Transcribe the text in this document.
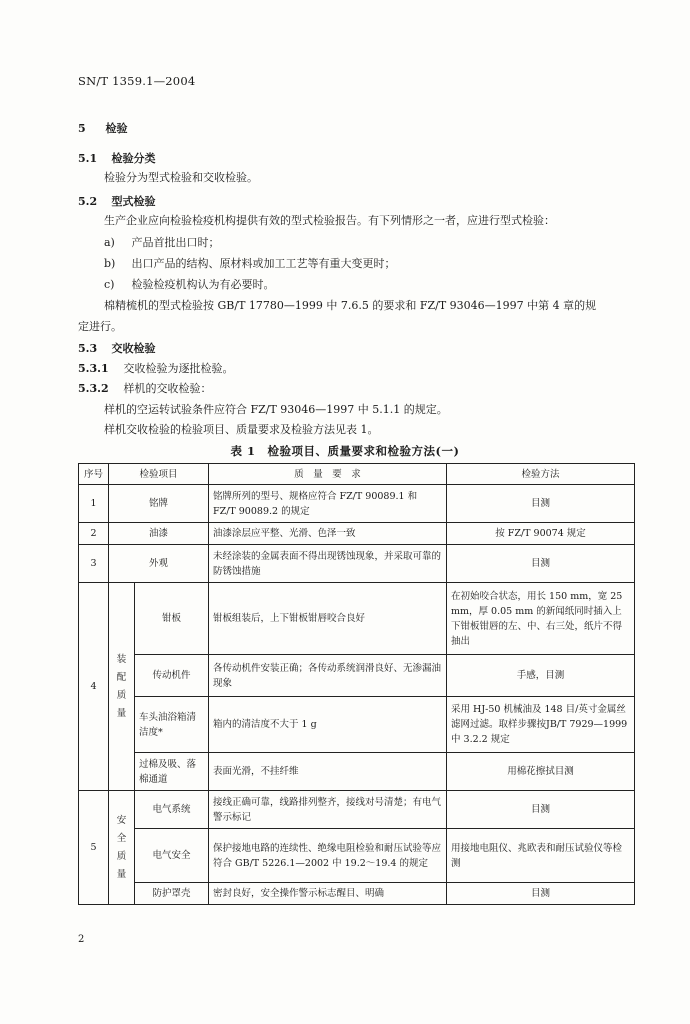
SN/T 1359.1—2004
5 检验
5.1 检验分类
检验分为型式检验和交收检验。
5.2 型式检验
生产企业应向检验检疫机构提供有效的型式检验报告。有下列情形之一者，应进行型式检验：
a) 产品首批出口时；
b) 出口产品的结构、原材料或加工工艺等有重大变更时；
c) 检验检疫机构认为有必要时。
棉精梳机的型式检验按 GB/T 17780—1999 中 7.6.5 的要求和 FZ/T 93046—1997 中第 4 章的规
定进行。
5.3 交收检验
5.3.1 交收检验为逐批检验。
5.3.2 样机的交收检验：
样机的空运转试验条件应符合 FZ/T 93046—1997 中 5.1.1 的规定。
样机交收检验的检验项目、质量要求及检验方法见表 1。
表 1　检验项目、质量要求和检验方法(一)
序号	检验项目		质　量　要　求	检验方法
1	铭牌		铭牌所列的型号、规格应符合 FZ/T 90089.1 和 FZ/T 90089.2 的规定	目测
2	油漆		油漆涂层应平整、光滑、色泽一致	按 FZ/T 90074 规定
3	外观		未经涂装的金属表面不得出现锈蚀现象，并采取可靠的防锈蚀措施	目测
4	装配质量	钳板	钳板组装后，上下钳板钳唇咬合良好	在初始咬合状态，用长 150 mm，宽 25 mm，厚 0.05 mm 的新闻纸同时插入上下钳板钳唇的左、中、右三处，纸片不得抽出
		传动机件	各传动机件安装正确；各传动系统润滑良好、无渗漏油现象	手感，目测
		车头油浴箱清洁度*	箱内的清洁度不大于 1 g	采用 HJ-50 机械油及 148 目/英寸金属丝滤网过滤。取样步骤按JB/T 7929—1999 中 3.2.2 规定
		过棉及吸、落棉通道	表面光滑，不挂纤维	用棉花擦拭目测
5	安全质量	电气系统	接线正确可靠，线路排列整齐，接线对号清楚；有电气警示标记	目测
		电气安全	保护接地电路的连续性、绝缘电阻检验和耐压试验等应符合 GB/T 5226.1—2002 中 19.2～19.4 的规定	用接地电阻仪、兆欧表和耐压试验仪等检测
		防护罩壳	密封良好，安全操作警示标志醒目、明确	目测
2
